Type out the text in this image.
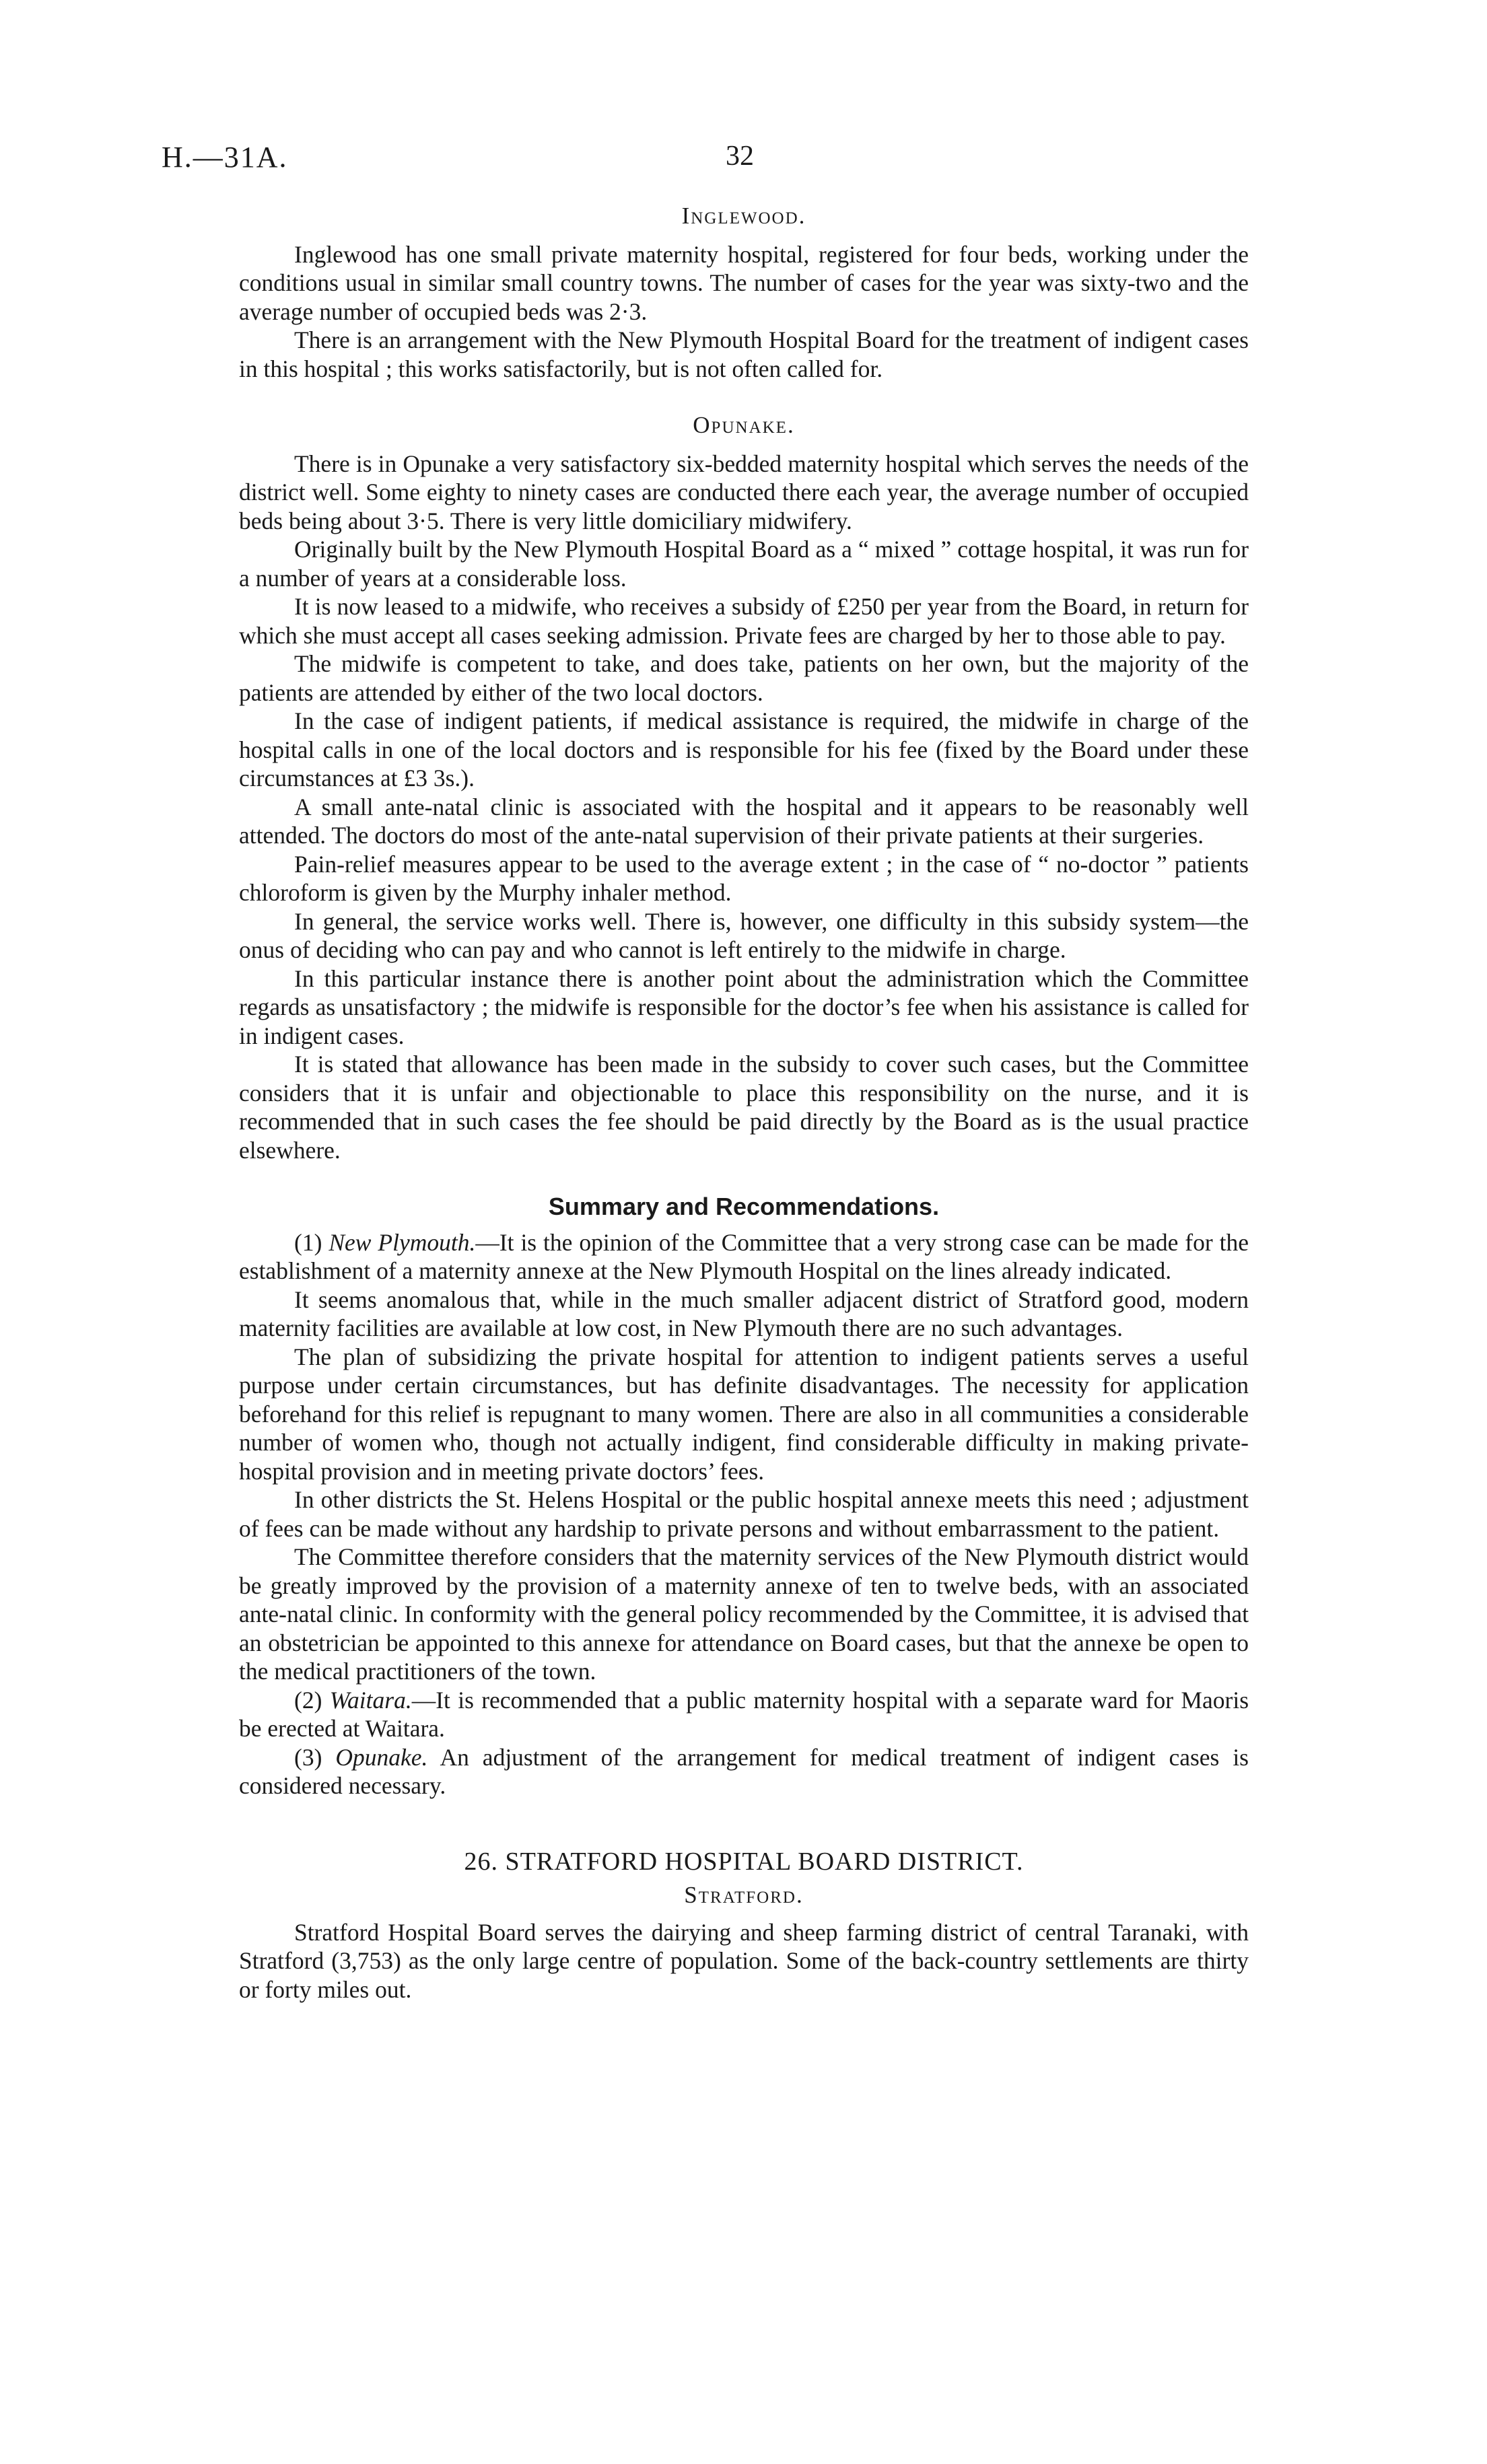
H.—31A.	32
Inglewood.

Inglewood has one small private maternity hospital, registered for four beds, working under the conditions usual in similar small country towns. The number of cases for the year was sixty-two and the average number of occupied beds was 2·3.

There is an arrangement with the New Plymouth Hospital Board for the treatment of indigent cases in this hospital ; this works satisfactorily, but is not often called for.

Opunake.

There is in Opunake a very satisfactory six-bedded maternity hospital which serves the needs of the district well. Some eighty to ninety cases are conducted there each year, the average number of occupied beds being about 3·5. There is very little domiciliary midwifery.

Originally built by the New Plymouth Hospital Board as a “ mixed ” cottage hospital, it was run for a number of years at a considerable loss.

It is now leased to a midwife, who receives a subsidy of £250 per year from the Board, in return for which she must accept all cases seeking admission. Private fees are charged by her to those able to pay.

The midwife is competent to take, and does take, patients on her own, but the majority of the patients are attended by either of the two local doctors.

In the case of indigent patients, if medical assistance is required, the midwife in charge of the hospital calls in one of the local doctors and is responsible for his fee (fixed by the Board under these circumstances at £3 3s.).

A small ante-natal clinic is associated with the hospital and it appears to be reasonably well attended. The doctors do most of the ante-natal supervision of their private patients at their surgeries.

Pain-relief measures appear to be used to the average extent ; in the case of “ no-doctor ” patients chloroform is given by the Murphy inhaler method.

In general, the service works well. There is, however, one difficulty in this subsidy system—the onus of deciding who can pay and who cannot is left entirely to the midwife in charge.

In this particular instance there is another point about the administration which the Committee regards as unsatisfactory ; the midwife is responsible for the doctor’s fee when his assistance is called for in indigent cases.

It is stated that allowance has been made in the subsidy to cover such cases, but the Committee considers that it is unfair and objectionable to place this responsibility on the nurse, and it is recommended that in such cases the fee should be paid directly by the Board as is the usual practice elsewhere.

Summary and Recommendations.

(1) New Plymouth.—It is the opinion of the Committee that a very strong case can be made for the establishment of a maternity annexe at the New Plymouth Hospital on the lines already indicated.

It seems anomalous that, while in the much smaller adjacent district of Stratford good, modern maternity facilities are available at low cost, in New Plymouth there are no such advantages.

The plan of subsidizing the private hospital for attention to indigent patients serves a useful purpose under certain circumstances, but has definite disadvantages. The necessity for application beforehand for this relief is repugnant to many women. There are also in all communities a considerable number of women who, though not actually indigent, find considerable difficulty in making private-hospital provision and in meeting private doctors’ fees.

In other districts the St. Helens Hospital or the public hospital annexe meets this need ; adjustment of fees can be made without any hardship to private persons and without embarrassment to the patient.

The Committee therefore considers that the maternity services of the New Plymouth district would be greatly improved by the provision of a maternity annexe of ten to twelve beds, with an associated ante-natal clinic. In conformity with the general policy recommended by the Committee, it is advised that an obstetrician be appointed to this annexe for attendance on Board cases, but that the annexe be open to the medical practitioners of the town.

(2) Waitara.—It is recommended that a public maternity hospital with a separate ward for Maoris be erected at Waitara.

(3) Opunake. An adjustment of the arrangement for medical treatment of indigent cases is considered necessary.

26. STRATFORD HOSPITAL BOARD DISTRICT.
Stratford.

Stratford Hospital Board serves the dairying and sheep farming district of central Taranaki, with Stratford (3,753) as the only large centre of population. Some of the back-country settlements are thirty or forty miles out.
